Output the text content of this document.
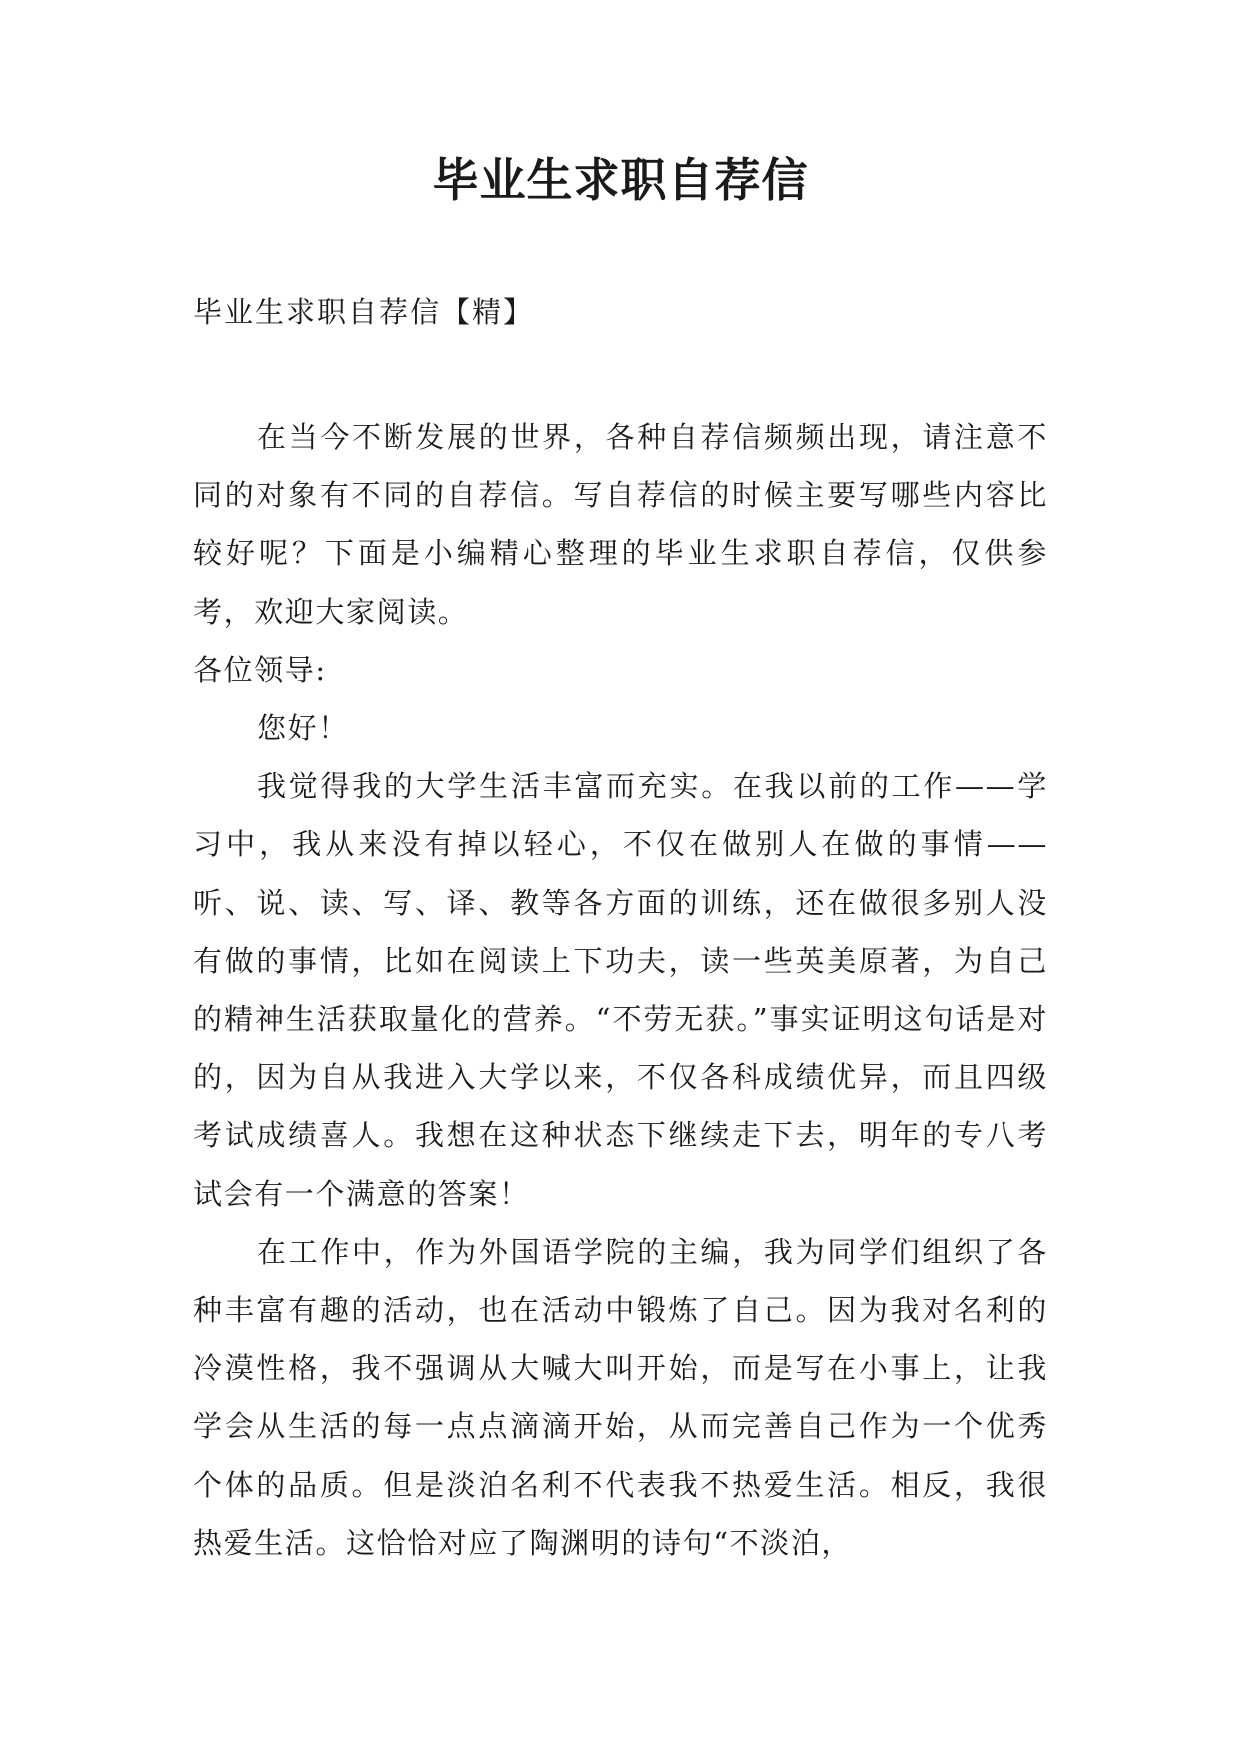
毕业生求职自荐信
毕业生求职自荐信【精】

在当今不断发展的世界，各种自荐信频频出现，请注意不同的对象有不同的自荐信。写自荐信的时候主要写哪些内容比较好呢？下面是小编精心整理的毕业生求职自荐信，仅供参考，欢迎大家阅读。

各位领导:

您好！

我觉得我的大学生活丰富而充实。在我以前的工作——学习中，我从来没有掉以轻心，不仅在做别人在做的事情——听、说、读、写、译、教等各方面的训练，还在做很多别人没有做的事情，比如在阅读上下功夫，读一些英美原著，为自己的精神生活获取量化的营养。“不劳无获。”事实证明这句话是对的，因为自从我进入大学以来，不仅各科成绩优异，而且四级考试成绩喜人。我想在这种状态下继续走下去，明年的专八考试会有一个满意的答案！

在工作中，作为外国语学院的主编，我为同学们组织了各种丰富有趣的活动，也在活动中锻炼了自己。因为我对名利的冷漠性格，我不强调从大喊大叫开始，而是写在小事上，让我学会从生活的每一点点滴滴开始，从而完善自己作为一个优秀个体的品质。但是淡泊名利不代表我不热爱生活。相反，我很热爱生活。这恰恰对应了陶渊明的诗句“不淡泊，
